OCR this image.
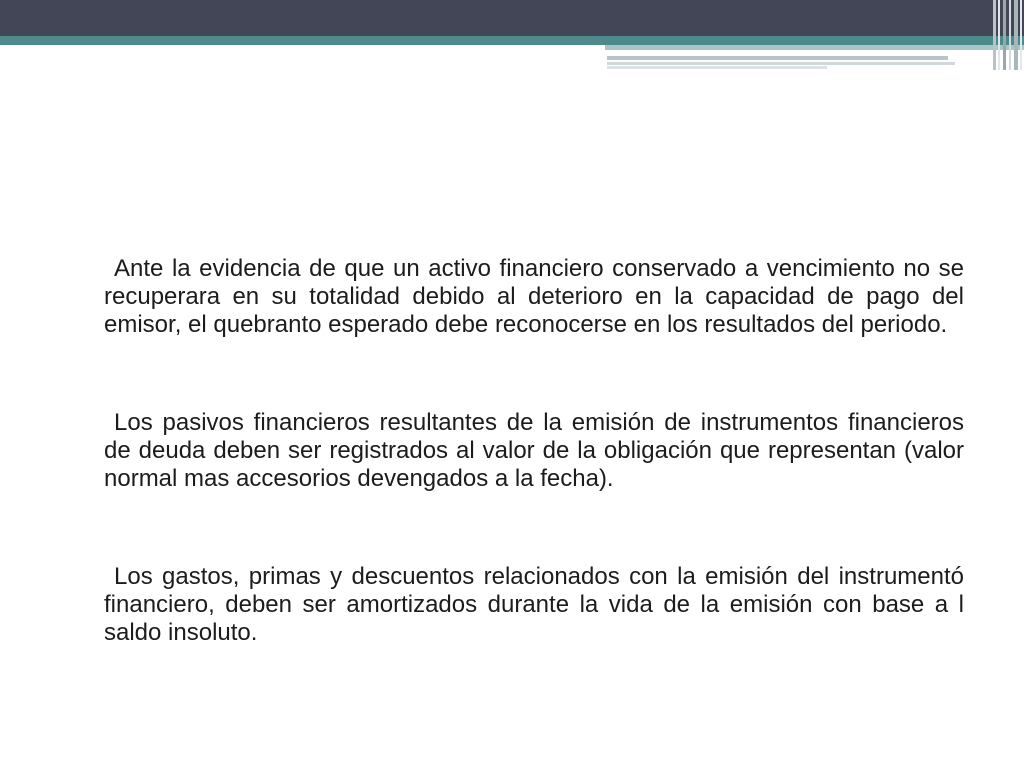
Ante la evidencia de que un activo financiero conservado a vencimiento no se recuperara en su totalidad debido al deterioro en la capacidad de pago del emisor, el quebranto esperado debe reconocerse en los resultados del periodo.

Los pasivos financieros resultantes de la emisión de instrumentos financieros de deuda deben ser registrados al valor de la obligación que representan (valor normal mas accesorios devengados a la fecha).

Los gastos, primas y descuentos relacionados con la emisión del instrumentó financiero, deben ser amortizados durante la vida de la emisión con base a l saldo insoluto.
